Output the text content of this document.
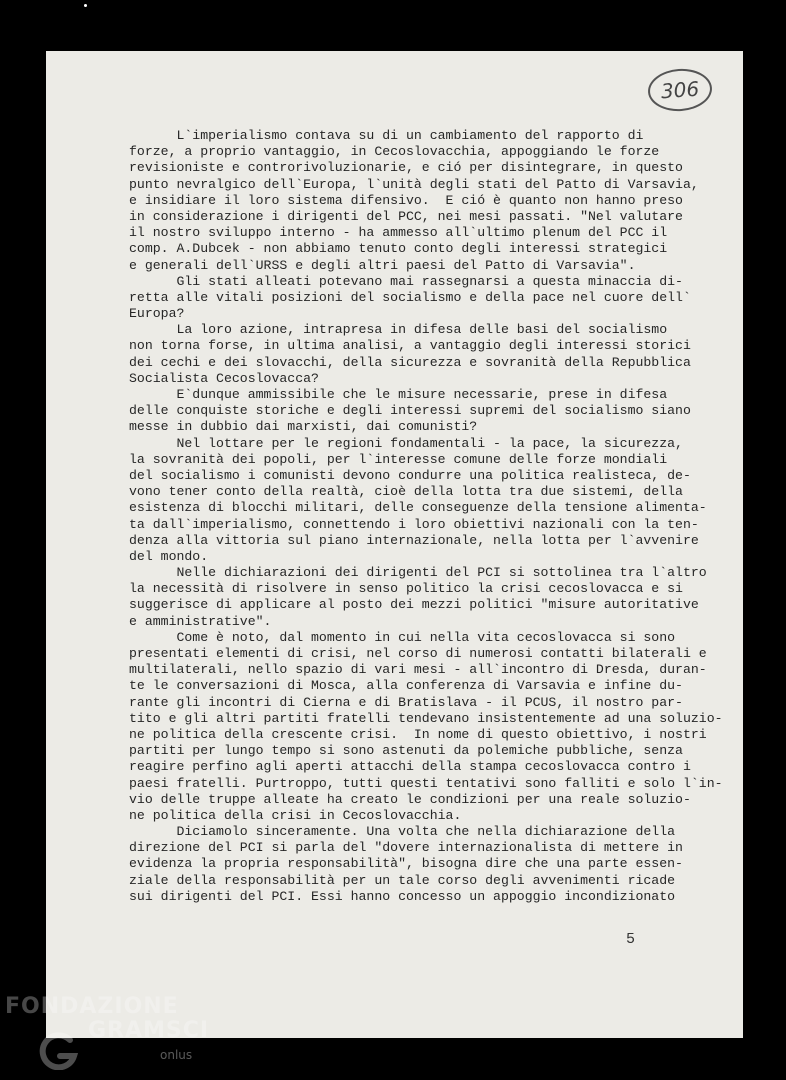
306
L`imperialismo contava su di un cambiamento del rapporto di
forze, a proprio vantaggio, in Cecoslovacchia, appoggiando le forze
revisioniste e controrivoluzionarie, e ció per disintegrare, in questo
punto nevralgico dell`Europa, l`unità degli stati del Patto di Varsavia,
e insidiare il loro sistema difensivo.  E ció è quanto non hanno preso
in considerazione i dirigenti del PCC, nei mesi passati. "Nel valutare
il nostro sviluppo interno - ha ammesso all`ultimo plenum del PCC il
comp. A.Dubcek - non abbiamo tenuto conto degli interessi strategici
e generali dell`URSS e degli altri paesi del Patto di Varsavia".
Gli stati alleati potevano mai rassegnarsi a questa minaccia di-
retta alle vitali posizioni del socialismo e della pace nel cuore dell`
Europa?
La loro azione, intrapresa in difesa delle basi del socialismo
non torna forse, in ultima analisi, a vantaggio degli interessi storici
dei cechi e dei slovacchi, della sicurezza e sovranità della Repubblica
Socialista Cecoslovacca?
E`dunque ammissibile che le misure necessarie, prese in difesa
delle conquiste storiche e degli interessi supremi del socialismo siano
messe in dubbio dai marxisti, dai comunisti?
Nel lottare per le regioni fondamentali - la pace, la sicurezza,
la sovranità dei popoli, per l`interesse comune delle forze mondiali
del socialismo i comunisti devono condurre una politica realisteca, de-
vono tener conto della realtà, cioè della lotta tra due sistemi, della
esistenza di blocchi militari, delle conseguenze della tensione alimenta-
ta dall`imperialismo, connettendo i loro obiettivi nazionali con la ten-
denza alla vittoria sul piano internazionale, nella lotta per l`avvenire
del mondo.
Nelle dichiarazioni dei dirigenti del PCI si sottolinea tra l`altro
la necessità di risolvere in senso politico la crisi cecoslovacca e si
suggerisce di applicare al posto dei mezzi politici "misure autoritative
e amministrative".
Come è noto, dal momento in cui nella vita cecoslovacca si sono
presentati elementi di crisi, nel corso di numerosi contatti bilaterali e
multilaterali, nello spazio di vari mesi - all`incontro di Dresda, duran-
te le conversazioni di Mosca, alla conferenza di Varsavia e infine du-
rante gli incontri di Cierna e di Bratislava - il PCUS, il nostro par-
tito e gli altri partiti fratelli tendevano insistentemente ad una soluzio-
ne politica della crescente crisi.  In nome di questo obiettivo, i nostri
partiti per lungo tempo si sono astenuti da polemiche pubbliche, senza
reagire perfino agli aperti attacchi della stampa cecoslovacca contro i
paesi fratelli. Purtroppo, tutti questi tentativi sono falliti e solo l`in-
vio delle truppe alleate ha creato le condizioni per una reale soluzio-
ne politica della crisi in Cecoslovacchia.
Diciamolo sinceramente. Una volta che nella dichiarazione della
direzione del PCI si parla del "dovere internazionalista di mettere in
evidenza la propria responsabilità", bisogna dire che una parte essen-
ziale della responsabilità per un tale corso degli avvenimenti ricade
sui dirigenti del PCI. Essi hanno concesso un appoggio incondizionato
5
FONDAZIONE
GRAMSCI
onlus
